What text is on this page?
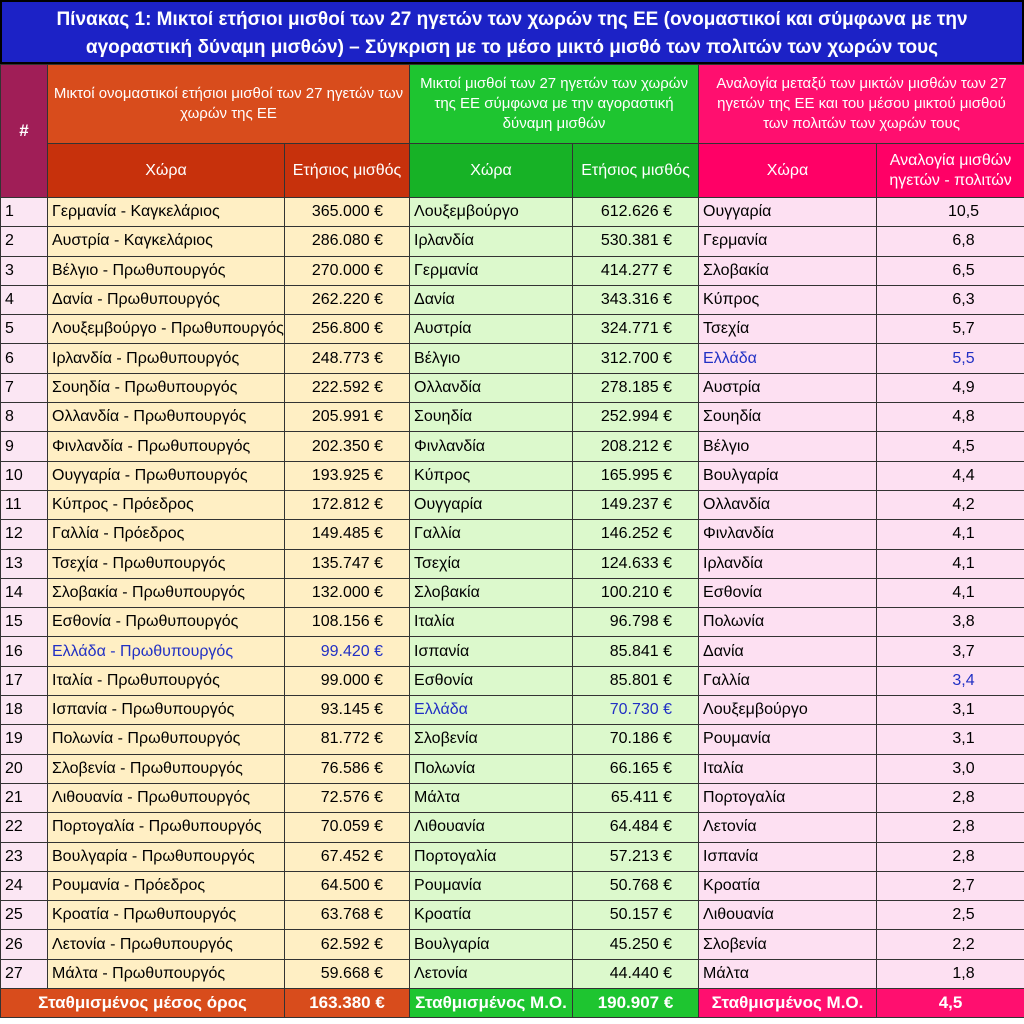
Πίνακας 1: Μικτοί ετήσιοι μισθοί των 27 ηγετών των χωρών της ΕΕ (ονομαστικοί και σύμφωνα με την
αγοραστική δύναμη μισθών) – Σύγκριση με το μέσο μικτό μισθό των πολιτών των χωρών τους
#	Μικτοί ονομαστικοί ετήσιοι μισθοί των 27 ηγετών των χωρών της ΕΕ		Μικτοί μισθοί των 27 ηγετών των χωρών της ΕΕ σύμφωνα με την αγοραστική δύναμη μισθών		Αναλογία μεταξύ των μικτών μισθών των 27 ηγετών της ΕΕ και του μέσου μικτού μισθού των πολιτών των χωρών τους	
	Χώρα	Ετήσιος μισθός	Χώρα	Ετήσιος μισθός	Χώρα	Αναλογία μισθών ηγετών - πολιτών
1	Γερμανία - Καγκελάριος	365.000 €	Λουξεμβούργο	612.626 €	Ουγγαρία	10,5
2	Αυστρία - Καγκελάριος	286.080 €	Ιρλανδία	530.381 €	Γερμανία	6,8
3	Βέλγιο - Πρωθυπουργός	270.000 €	Γερμανία	414.277 €	Σλοβακία	6,5
4	Δανία - Πρωθυπουργός	262.220 €	Δανία	343.316 €	Κύπρος	6,3
5	Λουξεμβούργο - Πρωθυπουργός	256.800 €	Αυστρία	324.771 €	Τσεχία	5,7
6	Ιρλανδία - Πρωθυπουργός	248.773 €	Βέλγιο	312.700 €	Ελλάδα	5,5
7	Σουηδία - Πρωθυπουργός	222.592 €	Ολλανδία	278.185 €	Αυστρία	4,9
8	Ολλανδία - Πρωθυπουργός	205.991 €	Σουηδία	252.994 €	Σουηδία	4,8
9	Φινλανδία - Πρωθυπουργός	202.350 €	Φινλανδία	208.212 €	Βέλγιο	4,5
10	Ουγγαρία - Πρωθυπουργός	193.925 €	Κύπρος	165.995 €	Βουλγαρία	4,4
11	Κύπρος - Πρόεδρος	172.812 €	Ουγγαρία	149.237 €	Ολλανδία	4,2
12	Γαλλία - Πρόεδρος	149.485 €	Γαλλία	146.252 €	Φινλανδία	4,1
13	Τσεχία - Πρωθυπουργός	135.747 €	Τσεχία	124.633 €	Ιρλανδία	4,1
14	Σλοβακία - Πρωθυπουργός	132.000 €	Σλοβακία	100.210 €	Εσθονία	4,1
15	Εσθονία - Πρωθυπουργός	108.156 €	Ιταλία	96.798 €	Πολωνία	3,8
16	Ελλάδα - Πρωθυπουργός	99.420 €	Ισπανία	85.841 €	Δανία	3,7
17	Ιταλία - Πρωθυπουργός	99.000 €	Εσθονία	85.801 €	Γαλλία	3,4
18	Ισπανία - Πρωθυπουργός	93.145 €	Ελλάδα	70.730 €	Λουξεμβούργο	3,1
19	Πολωνία - Πρωθυπουργός	81.772 €	Σλοβενία	70.186 €	Ρουμανία	3,1
20	Σλοβενία - Πρωθυπουργός	76.586 €	Πολωνία	66.165 €	Ιταλία	3,0
21	Λιθουανία - Πρωθυπουργός	72.576 €	Μάλτα	65.411 €	Πορτογαλία	2,8
22	Πορτογαλία - Πρωθυπουργός	70.059 €	Λιθουανία	64.484 €	Λετονία	2,8
23	Βουλγαρία - Πρωθυπουργός	67.452 €	Πορτογαλία	57.213 €	Ισπανία	2,8
24	Ρουμανία - Πρόεδρος	64.500 €	Ρουμανία	50.768 €	Κροατία	2,7
25	Κροατία - Πρωθυπουργός	63.768 €	Κροατία	50.157 €	Λιθουανία	2,5
26	Λετονία - Πρωθυπουργός	62.592 €	Βουλγαρία	45.250 €	Σλοβενία	2,2
27	Μάλτα - Πρωθυπουργός	59.668 €	Λετονία	44.440 €	Μάλτα	1,8
Σταθμισμένος μέσος όρος		163.380 €	Σταθμισμένος Μ.Ο.	190.907 €	Σταθμισμένος Μ.Ο.	4,5
